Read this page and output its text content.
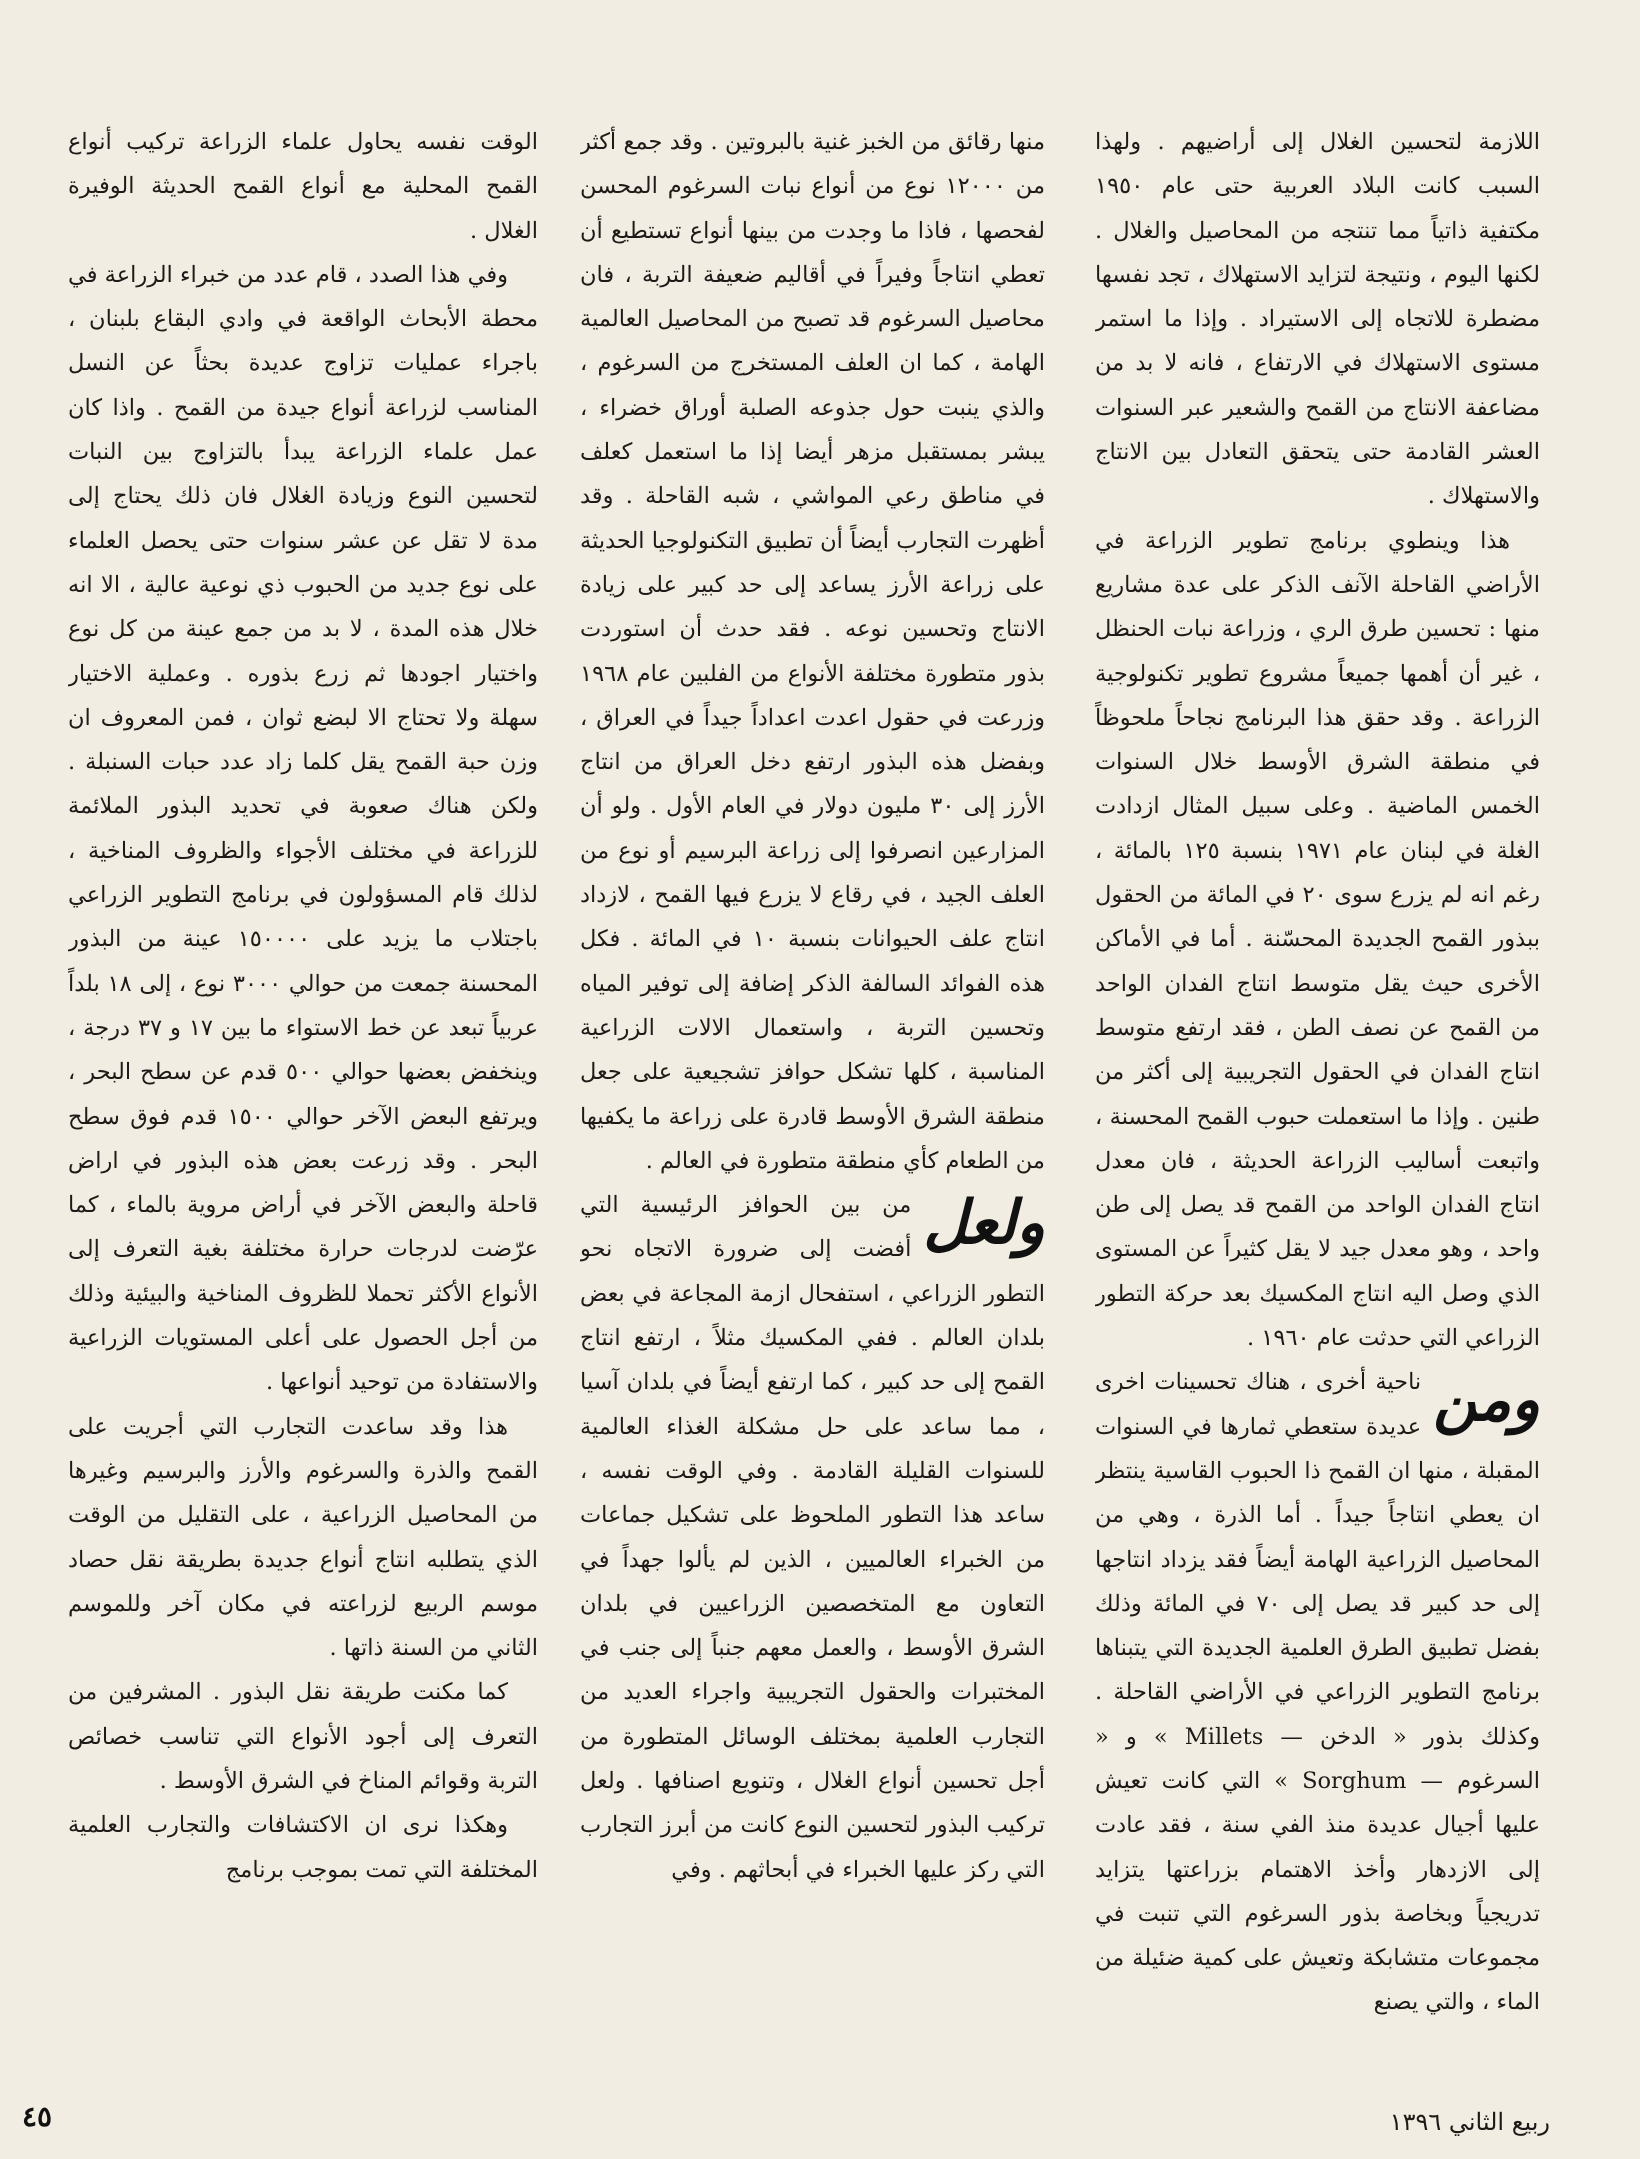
اللازمة لتحسين الغلال إلى أراضيهم . ولهذا السبب كانت البلاد العربية حتى عام ١٩٥٠ مكتفية ذاتياً مما تنتجه من المحاصيل والغلال . لكنها اليوم ، ونتيجة لتزايد الاستهلاك ، تجد نفسها مضطرة للاتجاه إلى الاستيراد . وإذا ما استمر مستوى الاستهلاك في الارتفاع ، فانه لا بد من مضاعفة الانتاج من القمح والشعير عبر السنوات العشر القادمة حتى يتحقق التعادل بين الانتاج والاستهلاك .

هذا وينطوي برنامج تطوير الزراعة في الأراضي القاحلة الآنف الذكر على عدة مشاريع منها : تحسين طرق الري ، وزراعة نبات الحنظل ، غير أن أهمها جميعاً مشروع تطوير تكنولوجية الزراعة . وقد حقق هذا البرنامج نجاحاً ملحوظاً في منطقة الشرق الأوسط خلال السنوات الخمس الماضية . وعلى سبيل المثال ازدادت الغلة في لبنان عام ١٩٧١ بنسبة ١٢٥ بالمائة ، رغم انه لم يزرع سوى ٢٠ في المائة من الحقول ببذور القمح الجديدة المحسّنة . أما في الأماكن الأخرى حيث يقل متوسط انتاج الفدان الواحد من القمح عن نصف الطن ، فقد ارتفع متوسط انتاج الفدان في الحقول التجريبية إلى أكثر من طنين . وإذا ما استعملت حبوب القمح المحسنة ، واتبعت أساليب الزراعة الحديثة ، فان معدل انتاج الفدان الواحد من القمح قد يصل إلى طن واحد ، وهو معدل جيد لا يقل كثيراً عن المستوى الذي وصل اليه انتاج المكسيك بعد حركة التطور الزراعي التي حدثت عام ١٩٦٠ .

ومن
ناحية أخرى ، هناك تحسينات اخرى عديدة ستعطي ثمارها في السنوات المقبلة ، منها ان القمح ذا الحبوب القاسية ينتظر ان يعطي انتاجاً جيداً . أما الذرة ، وهي من المحاصيل الزراعية الهامة أيضاً فقد يزداد انتاجها إلى حد كبير قد يصل إلى ٧٠ في المائة وذلك بفضل تطبيق الطرق العلمية الجديدة التي يتبناها برنامج التطوير الزراعي في الأراضي القاحلة . وكذلك بذور « الدخن — Millets » و « السرغوم — Sorghum » التي كانت تعيش عليها أجيال عديدة منذ الفي سنة ، فقد عادت إلى الازدهار وأخذ الاهتمام بزراعتها يتزايد تدريجياً وبخاصة بذور السرغوم التي تنبت في مجموعات متشابكة وتعيش على كمية ضئيلة من الماء ، والتي يصنع

منها رقائق من الخبز غنية بالبروتين . وقد جمع أكثر من ١٢٠٠٠ نوع من أنواع نبات السرغوم المحسن لفحصها ، فاذا ما وجدت من بينها أنواع تستطيع أن تعطي انتاجاً وفيراً في أقاليم ضعيفة التربة ، فان محاصيل السرغوم قد تصبح من المحاصيل العالمية الهامة ، كما ان العلف المستخرج من السرغوم ، والذي ينبت حول جذوعه الصلبة أوراق خضراء ، يبشر بمستقبل مزهر أيضا إذا ما استعمل كعلف في مناطق رعي المواشي ، شبه القاحلة . وقد أظهرت التجارب أيضاً أن تطبيق التكنولوجيا الحديثة على زراعة الأرز يساعد إلى حد كبير على زيادة الانتاج وتحسين نوعه . فقد حدث أن استوردت بذور متطورة مختلفة الأنواع من الفلبين عام ١٩٦٨ وزرعت في حقول اعدت اعداداً جيداً في العراق ، وبفضل هذه البذور ارتفع دخل العراق من انتاج الأرز إلى ٣٠ مليون دولار في العام الأول . ولو أن المزارعين انصرفوا إلى زراعة البرسيم أو نوع من العلف الجيد ، في رقاع لا يزرع فيها القمح ، لازداد انتاج علف الحيوانات بنسبة ١٠ في المائة . فكل هذه الفوائد السالفة الذكر إضافة إلى توفير المياه وتحسين التربة ، واستعمال الالات الزراعية المناسبة ، كلها تشكل حوافز تشجيعية على جعل منطقة الشرق الأوسط قادرة على زراعة ما يكفيها من الطعام كأي منطقة متطورة في العالم .

ولعل
من بين الحوافز الرئيسية التي أفضت إلى ضرورة الاتجاه نحو التطور الزراعي ، استفحال ازمة المجاعة في بعض بلدان العالم . ففي المكسيك مثلاً ، ارتفع انتاج القمح إلى حد كبير ، كما ارتفع أيضاً في بلدان آسيا ، مما ساعد على حل مشكلة الغذاء العالمية للسنوات القليلة القادمة . وفي الوقت نفسه ، ساعد هذا التطور الملحوظ على تشكيل جماعات من الخبراء العالميين ، الذين لم يألوا جهداً في التعاون مع المتخصصين الزراعيين في بلدان الشرق الأوسط ، والعمل معهم جنباً إلى جنب في المختبرات والحقول التجريبية واجراء العديد من التجارب العلمية بمختلف الوسائل المتطورة من أجل تحسين أنواع الغلال ، وتنويع اصنافها . ولعل تركيب البذور لتحسين النوع كانت من أبرز التجارب التي ركز عليها الخبراء في أبحاثهم . وفي

الوقت نفسه يحاول علماء الزراعة تركيب أنواع القمح المحلية مع أنواع القمح الحديثة الوفيرة الغلال .

وفي هذا الصدد ، قام عدد من خبراء الزراعة في محطة الأبحاث الواقعة في وادي البقاع بلبنان ، باجراء عمليات تزاوج عديدة بحثاً عن النسل المناسب لزراعة أنواع جيدة من القمح . واذا كان عمل علماء الزراعة يبدأ بالتزاوج بين النبات لتحسين النوع وزيادة الغلال فان ذلك يحتاج إلى مدة لا تقل عن عشر سنوات حتى يحصل العلماء على نوع جديد من الحبوب ذي نوعية عالية ، الا انه خلال هذه المدة ، لا بد من جمع عينة من كل نوع واختيار اجودها ثم زرع بذوره . وعملية الاختيار سهلة ولا تحتاج الا لبضع ثوان ، فمن المعروف ان وزن حبة القمح يقل كلما زاد عدد حبات السنبلة . ولكن هناك صعوبة في تحديد البذور الملائمة للزراعة في مختلف الأجواء والظروف المناخية ، لذلك قام المسؤولون في برنامج التطوير الزراعي باجتلاب ما يزيد على ١٥٠٠٠٠ عينة من البذور المحسنة جمعت من حوالي ٣٠٠٠ نوع ، إلى ١٨ بلداً عربياً تبعد عن خط الاستواء ما بين ١٧ و ٣٧ درجة ، وينخفض بعضها حوالي ٥٠٠ قدم عن سطح البحر ، ويرتفع البعض الآخر حوالي ١٥٠٠ قدم فوق سطح البحر . وقد زرعت بعض هذه البذور في اراض قاحلة والبعض الآخر في أراض مروية بالماء ، كما عرّضت لدرجات حرارة مختلفة بغية التعرف إلى الأنواع الأكثر تحملا للظروف المناخية والبيئية وذلك من أجل الحصول على أعلى المستويات الزراعية والاستفادة من توحيد أنواعها .

هذا وقد ساعدت التجارب التي أجريت على القمح والذرة والسرغوم والأرز والبرسيم وغيرها من المحاصيل الزراعية ، على التقليل من الوقت الذي يتطلبه انتاج أنواع جديدة بطريقة نقل حصاد موسم الربيع لزراعته في مكان آخر وللموسم الثاني من السنة ذاتها .

كما مكنت طريقة نقل البذور . المشرفين من التعرف إلى أجود الأنواع التي تناسب خصائص التربة وقوائم المناخ في الشرق الأوسط .

وهكذا نرى ان الاكتشافات والتجارب العلمية المختلفة التي تمت بموجب برنامج

ربيع الثاني ١٣٩٦
٤٥
